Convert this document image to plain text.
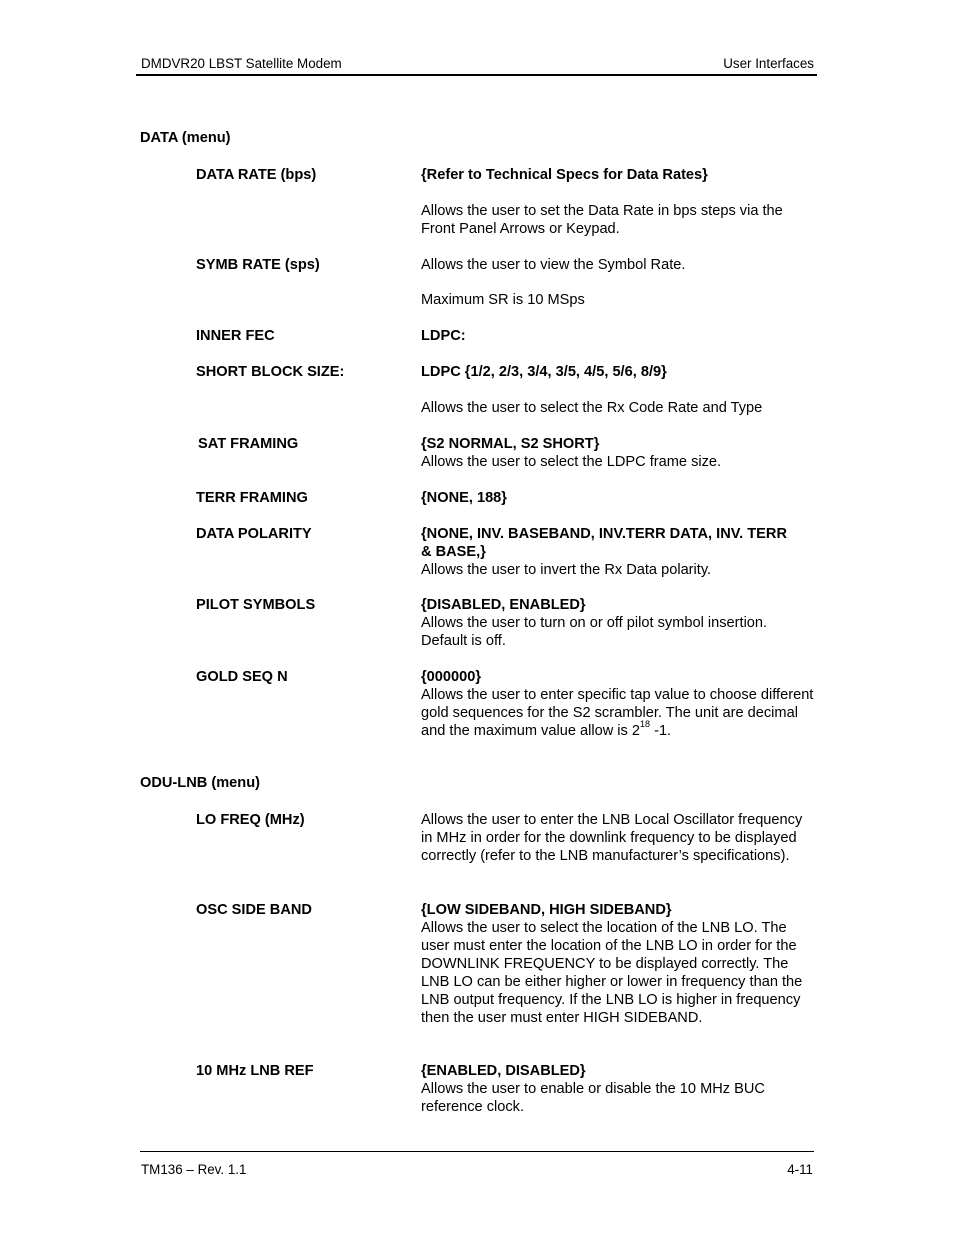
DMDVR20 LBST Satellite Modem	User Interfaces
DATA (menu)
DATA RATE (bps)	{Refer to Technical Specs for Data Rates}
Allows the user to set the Data Rate in bps steps via the Front Panel Arrows or Keypad.
SYMB RATE (sps)	Allows the user to view the Symbol Rate.
Maximum SR is 10 MSps
INNER FEC	LDPC:
SHORT BLOCK SIZE:	LDPC {1/2, 2/3, 3/4, 3/5, 4/5, 5/6, 8/9}
Allows the user to select the Rx Code Rate and Type
SAT FRAMING	{S2 NORMAL, S2 SHORT}
Allows the user to select the LDPC frame size.
TERR FRAMING	{NONE, 188}
DATA POLARITY	{NONE, INV. BASEBAND, INV.TERR DATA, INV. TERR & BASE,}
Allows the user to invert the Rx Data polarity.
PILOT SYMBOLS	{DISABLED, ENABLED}
Allows the user to turn on or off pilot symbol insertion. Default is off.
GOLD SEQ N	{000000}
Allows the user to enter specific tap value to choose different gold sequences for the S2 scrambler. The unit are decimal and the maximum value allow is $2^{18}$ -1.
ODU-LNB (menu)
LO FREQ (MHz)	Allows the user to enter the LNB Local Oscillator frequency in MHz in order for the downlink frequency to be displayed correctly (refer to the LNB manufacturer’s specifications).
OSC SIDE BAND	{LOW SIDEBAND, HIGH SIDEBAND}
Allows the user to select the location of the LNB LO. The user must enter the location of the LNB LO in order for the DOWNLINK FREQUENCY to be displayed correctly. The LNB LO can be either higher or lower in frequency than the LNB output frequency. If the LNB LO is higher in frequency then the user must enter HIGH SIDEBAND.
10 MHz LNB REF	{ENABLED, DISABLED}
Allows the user to enable or disable the 10 MHz BUC reference clock.
TM136 – Rev. 1.1	4-11
